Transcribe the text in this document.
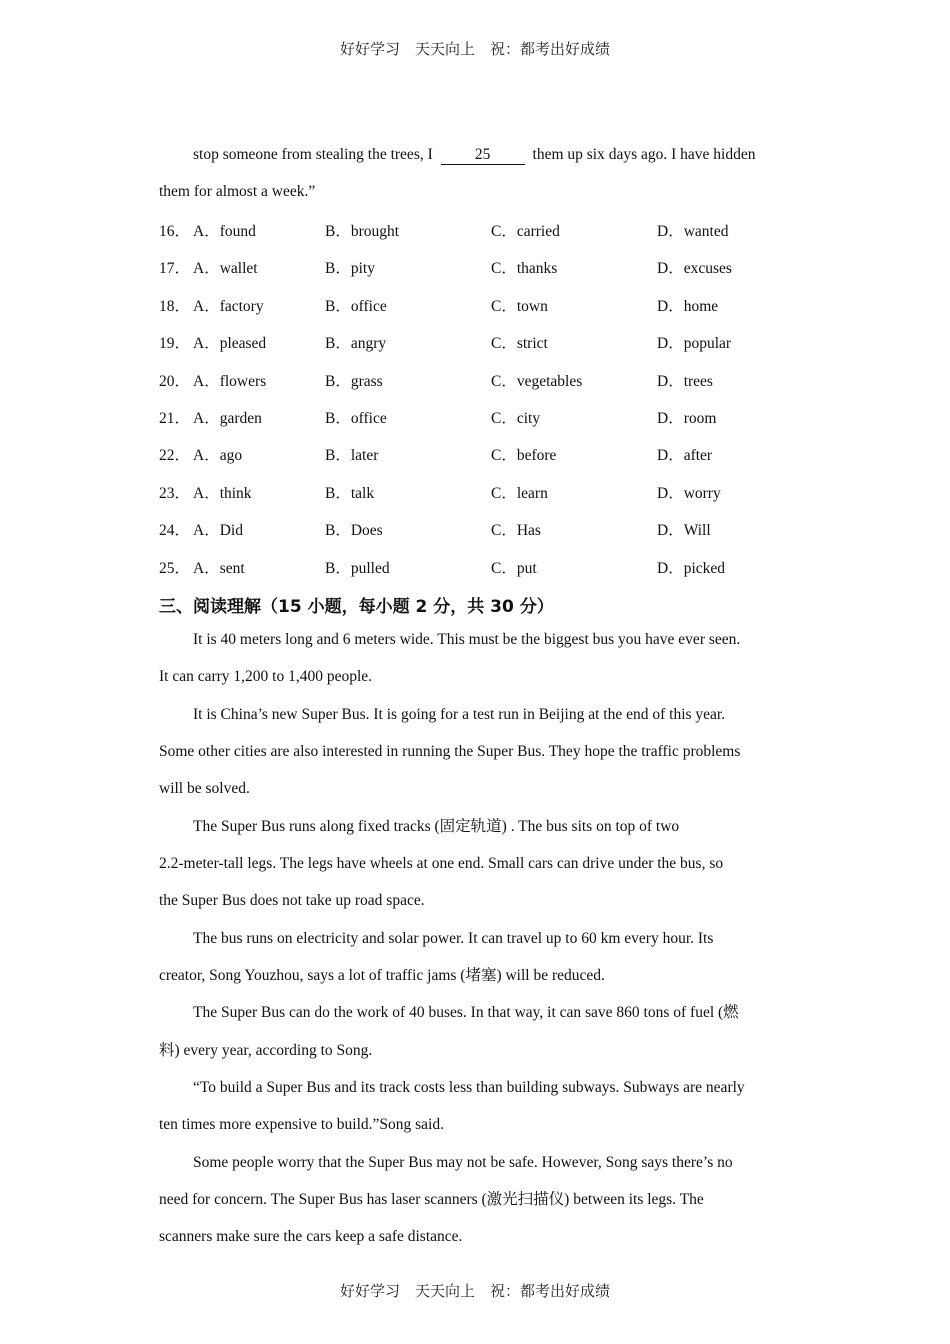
好好学习　天天向上　祝：都考出好成绩
stop someone from stealing the trees, I	25	them up six days ago. I have hidden
them for almost a week.”
16． A．found	B．brought	C．carried	D．wanted
17． A．wallet	B．pity	C．thanks	D．excuses
18． A．factory	B．office	C．town	D．home
19． A．pleased	B．angry	C．strict	D．popular
20． A．flowers	B．grass	C．vegetables	D．trees
21． A．garden	B．office	C．city	D．room
22． A．ago	B．later	C．before	D．after
23． A．think	B．talk	C．learn	D．worry
24． A．Did	B．Does	C．Has	D．Will
25． A．sent	B．pulled	C．put	D．picked
三、阅读理解（15 小题，每小题 2 分，共 30 分）
It is 40 meters long and 6 meters wide. This must be the biggest bus you have ever seen.
It can carry 1,200 to 1,400 people.
It is China’s new Super Bus. It is going for a test run in Beijing at the end of this year.
Some other cities are also interested in running the Super Bus. They hope the traffic problems
will be solved.
The Super Bus runs along fixed tracks (固定轨道) . The bus sits on top of two
2.2-meter-tall legs. The legs have wheels at one end. Small cars can drive under the bus, so
the Super Bus does not take up road space.
The bus runs on electricity and solar power. It can travel up to 60 km every hour. Its
creator, Song Youzhou, says a lot of traffic jams (堵塞) will be reduced.
The Super Bus can do the work of 40 buses. In that way, it can save 860 tons of fuel (燃
料) every year, according to Song.
“To build a Super Bus and its track costs less than building subways. Subways are nearly
ten times more expensive to build.”Song said.
Some people worry that the Super Bus may not be safe. However, Song says there’s no
need for concern. The Super Bus has laser scanners (激光扫描仪) between its legs. The
scanners make sure the cars keep a safe distance.
好好学习　天天向上　祝：都考出好成绩
